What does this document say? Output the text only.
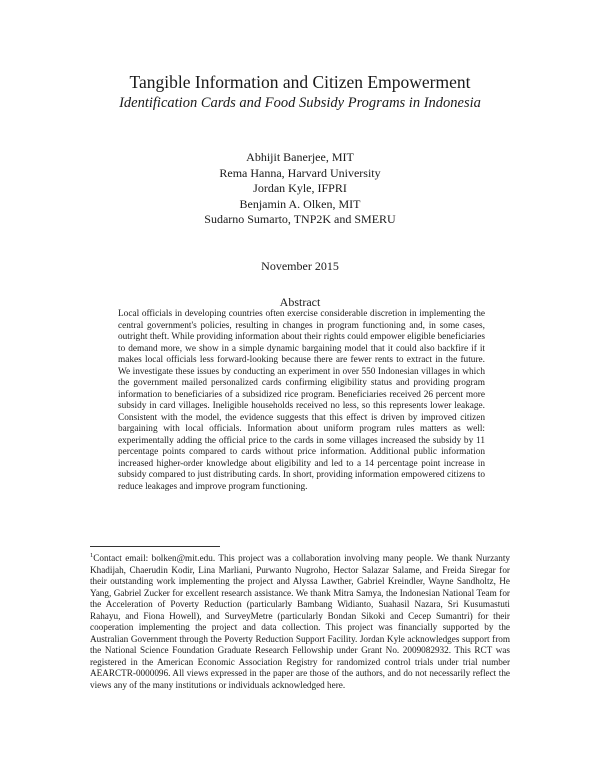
Tangible Information and Citizen Empowerment
Identification Cards and Food Subsidy Programs in Indonesia
Abhijit Banerjee, MIT
Rema Hanna, Harvard University
Jordan Kyle, IFPRI
Benjamin A. Olken, MIT
Sudarno Sumarto, TNP2K and SMERU
November 2015
Abstract

Local officials in developing countries often exercise considerable discretion in implementing the central government's policies, resulting in changes in program functioning and, in some cases, outright theft. While providing information about their rights could empower eligible beneficiaries to demand more, we show in a simple dynamic bargaining model that it could also backfire if it makes local officials less forward-looking because there are fewer rents to extract in the future. We investigate these issues by conducting an experiment in over 550 Indonesian villages in which the government mailed personalized cards confirming eligibility status and providing program information to beneficiaries of a subsidized rice program. Beneficiaries received 26 percent more subsidy in card villages. Ineligible households received no less, so this represents lower leakage. Consistent with the model, the evidence suggests that this effect is driven by improved citizen bargaining with local officials. Information about uniform program rules matters as well: experimentally adding the official price to the cards in some villages increased the subsidy by 11 percentage points compared to cards without price information. Additional public information increased higher-order knowledge about eligibility and led to a 14 percentage point increase in subsidy compared to just distributing cards. In short, providing information empowered citizens to reduce leakages and improve program functioning.

$^1$Contact email: bolken@mit.edu. This project was a collaboration involving many people. We thank Nurzanty Khadijah, Chaerudin Kodir, Lina Marliani, Purwanto Nugroho, Hector Salazar Salame, and Freida Siregar for their outstanding work implementing the project and Alyssa Lawther, Gabriel Kreindler, Wayne Sandholtz, He Yang, Gabriel Zucker for excellent research assistance. We thank Mitra Samya, the Indonesian National Team for the Acceleration of Poverty Reduction (particularly Bambang Widianto, Suahasil Nazara, Sri Kusumastuti Rahayu, and Fiona Howell), and SurveyMetre (particularly Bondan Sikoki and Cecep Sumantri) for their cooperation implementing the project and data collection. This project was financially supported by the Australian Government through the Poverty Reduction Support Facility. Jordan Kyle acknowledges support from the National Science Foundation Graduate Research Fellowship under Grant No. 2009082932. This RCT was registered in the American Economic Association Registry for randomized control trials under trial number AEARCTR-0000096. All views expressed in the paper are those of the authors, and do not necessarily reflect the views any of the many institutions or individuals acknowledged here.
